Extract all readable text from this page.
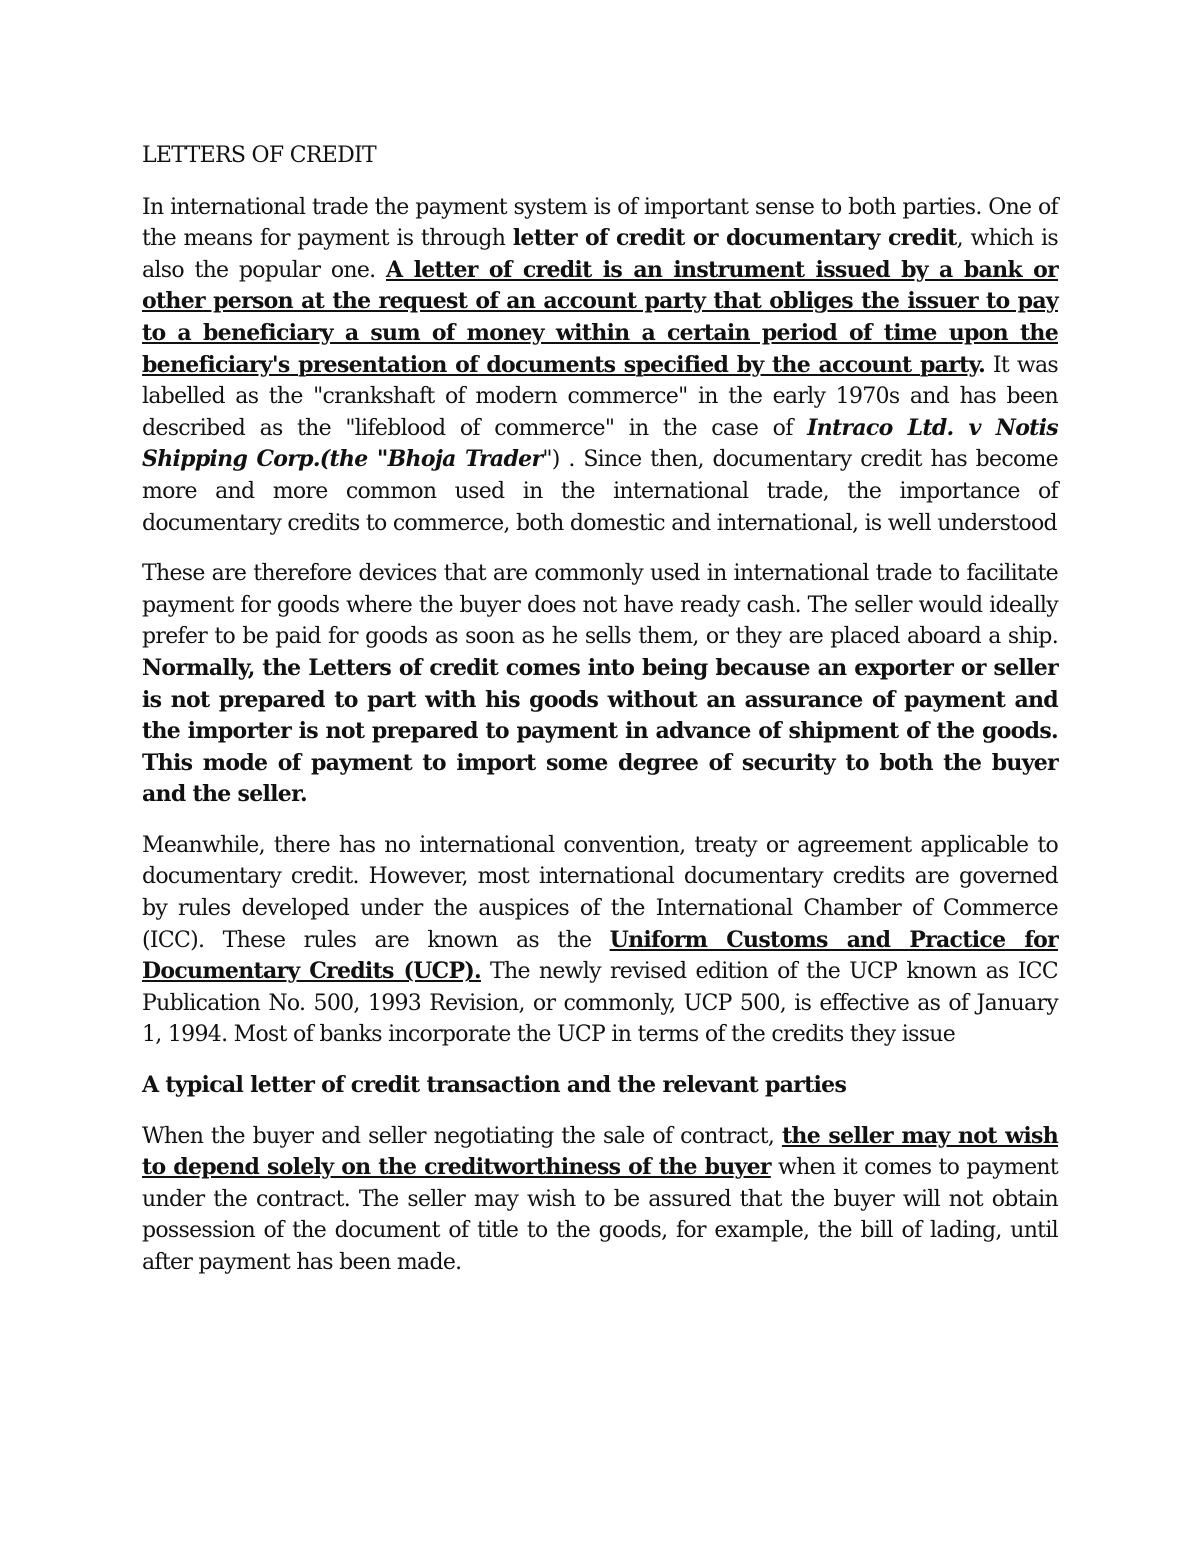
LETTERS OF CREDIT

In international trade the payment system is of important sense to both parties. One of the means for payment is through letter of credit or documentary credit, which is also the popular one. A letter of credit is an instrument issued by a bank or other person at the request of an account party that obliges the issuer to pay to a beneficiary a sum of money within a certain period of time upon the beneficiary's presentation of documents specified by the account party. It was labelled as the "crankshaft of modern commerce" in the early 1970s and has been described as the "lifeblood of commerce" in the case of Intraco Ltd. v Notis Shipping Corp.(the "Bhoja Trader") . Since then, documentary credit has become more and more common used in the international trade, the importance of documentary credits to commerce, both domestic and international, is well understood

These are therefore devices that are commonly used in international trade to facilitate payment for goods where the buyer does not have ready cash. The seller would ideally prefer to be paid for goods as soon as he sells them, or they are placed aboard a ship. Normally, the Letters of credit comes into being because an exporter or seller is not prepared to part with his goods without an assurance of payment and the importer is not prepared to payment in advance of shipment of the goods. This mode of payment to import some degree of security to both the buyer and the seller.

Meanwhile, there has no international convention, treaty or agreement applicable to documentary credit. However, most international documentary credits are governed by rules developed under the auspices of the International Chamber of Commerce (ICC). These rules are known as the Uniform Customs and Practice for Documentary Credits (UCP). The newly revised edition of the UCP known as ICC Publication No. 500, 1993 Revision, or commonly, UCP 500, is effective as of January 1, 1994. Most of banks incorporate the UCP in terms of the credits they issue

A typical letter of credit transaction and the relevant parties

When the buyer and seller negotiating the sale of contract, the seller may not wish to depend solely on the creditworthiness of the buyer when it comes to payment under the contract. The seller may wish to be assured that the buyer will not obtain possession of the document of title to the goods, for example, the bill of lading, until after payment has been made.
